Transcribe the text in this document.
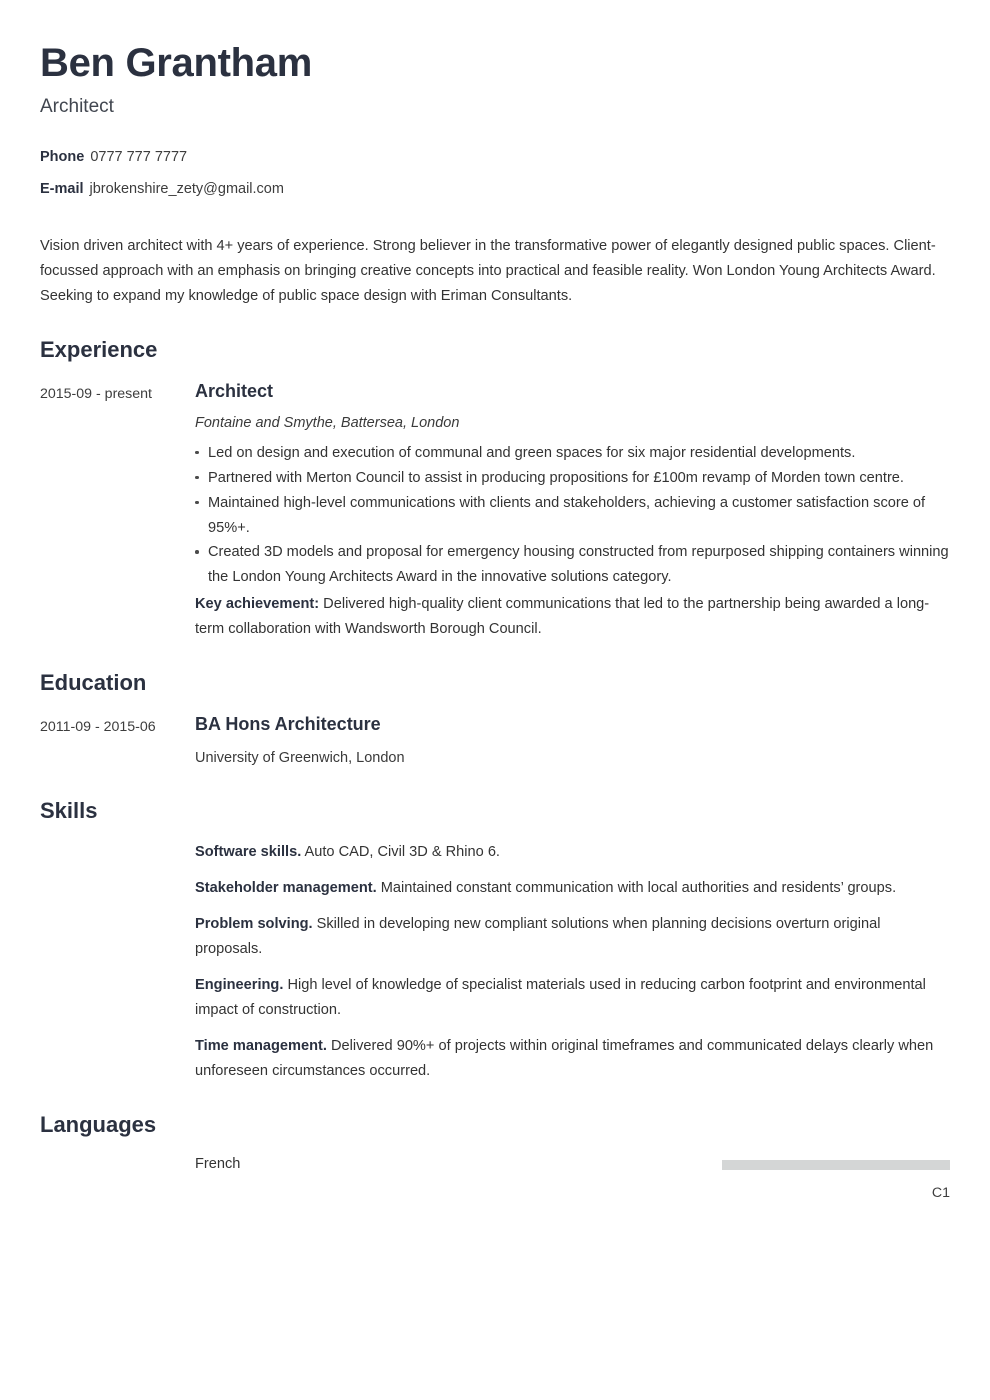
Ben Grantham
Architect
Phone 0777 777 7777
E-mail jbrokenshire_zety@gmail.com
Vision driven architect with 4+ years of experience. Strong believer in the transformative power of elegantly designed public spaces. Client-focussed approach with an emphasis on bringing creative concepts into practical and feasible reality. Won London Young Architects Award. Seeking to expand my knowledge of public space design with Eriman Consultants.
Experience
2015-09 - present	Architect
Fontaine and Smythe, Battersea, London
Led on design and execution of communal and green spaces for six major residential developments.
Partnered with Merton Council to assist in producing propositions for £100m revamp of Morden town centre.
Maintained high-level communications with clients and stakeholders, achieving a customer satisfaction score of 95%+.
Created 3D models and proposal for emergency housing constructed from repurposed shipping containers winning the London Young Architects Award in the innovative solutions category.
Key achievement: Delivered high-quality client communications that led to the partnership being awarded a long-term collaboration with Wandsworth Borough Council.
Education
2011-09 - 2015-06	BA Hons Architecture
University of Greenwich, London
Skills
Software skills. Auto CAD, Civil 3D & Rhino 6.
Stakeholder management. Maintained constant communication with local authorities and residents’ groups.
Problem solving. Skilled in developing new compliant solutions when planning decisions overturn original proposals.
Engineering. High level of knowledge of specialist materials used in reducing carbon footprint and environmental impact of construction.
Time management. Delivered 90%+ of projects within original timeframes and communicated delays clearly when unforeseen circumstances occurred.
Languages
French
C1
